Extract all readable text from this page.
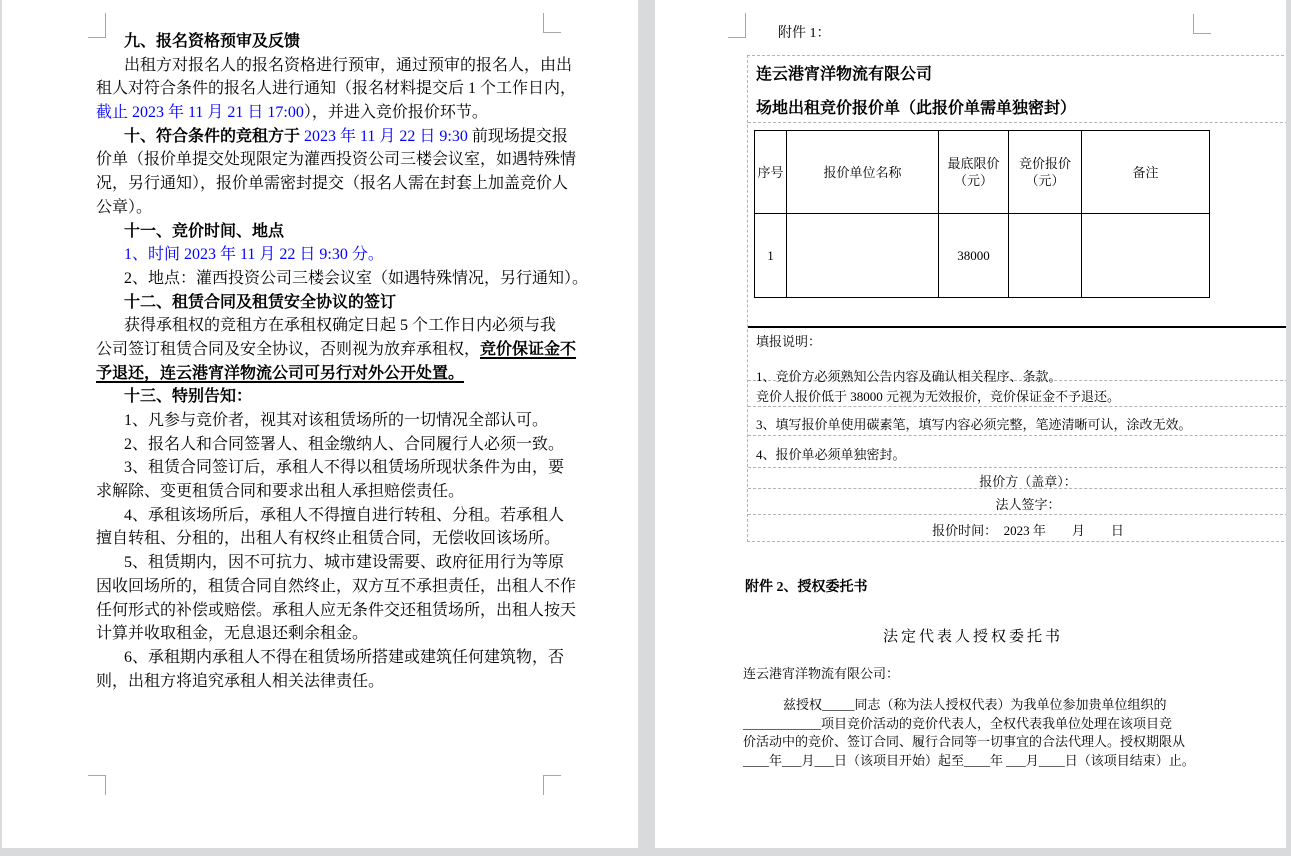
九、报名资格预审及反馈
出租方对报名人的报名资格进行预审，通过预审的报名人，由出
租人对符合条件的报名人进行通知（报名材料提交后 1 个工作日内，
截止 2023 年 11 月 21 日 17:00），并进入竞价报价环节。
十、符合条件的竞租方于 2023 年 11 月 22 日 9:30 前现场提交报
价单（报价单提交处现限定为灌西投资公司三楼会议室，如遇特殊情
况，另行通知），报价单需密封提交（报名人需在封套上加盖竞价人
公章）。
十一、竞价时间、地点
1、时间 2023 年 11 月 22 日 9:30 分。
2、地点：灌西投资公司三楼会议室（如遇特殊情况，另行通知）。
十二、租赁合同及租赁安全协议的签订
获得承租权的竞租方在承租权确定日起 5 个工作日内必须与我
公司签订租赁合同及安全协议，否则视为放弃承租权，竞价保证金不
予退还，连云港宵洋物流公司可另行对外公开处置。
十三、特别告知：
1、凡参与竞价者，视其对该租赁场所的一切情况全部认可。
2、报名人和合同签署人、租金缴纳人、合同履行人必须一致。
3、租赁合同签订后，承租人不得以租赁场所现状条件为由，要
求解除、变更租赁合同和要求出租人承担赔偿责任。
4、承租该场所后，承租人不得擅自进行转租、分租。若承租人
擅自转租、分租的，出租人有权终止租赁合同，无偿收回该场所。
5、租赁期内，因不可抗力、城市建设需要、政府征用行为等原
因收回场所的，租赁合同自然终止，双方互不承担责任，出租人不作
任何形式的补偿或赔偿。承租人应无条件交还租赁场所，出租人按天
计算并收取租金，无息退还剩余租金。
6、承租期内承租人不得在租赁场所搭建或建筑任何建筑物，否
则，出租方将追究承租人相关法律责任。
附件 1：
连云港宵洋物流有限公司
场地出租竞价报价单（此报价单需单独密封）
序号	报价单位名称	最底限价（元）	竞价报价（元）	备注
1		38000		
填报说明：
1、竞价方必须熟知公告内容及确认相关程序、条款。
竞价人报价低于 38000 元视为无效报价，竞价保证金不予退还。
3、填写报价单使用碳素笔，填写内容必须完整，笔迹清晰可认，涂改无效。
4、报价单必须单独密封。
报价方（盖章）：
法人签字：
报价时间：  2023 年        月        日
附件 2、授权委托书
法定代表人授权委托书
连云港宵洋物流有限公司：
兹授权_____同志（称为法人授权代表）为我单位参加贵单位组织的
____________项目竞价活动的竞价代表人，全权代表我单位处理在该项目竞
价活动中的竞价、签订合同、履行合同等一切事宜的合法代理人。授权期限从
____年___月___日（该项目开始）起至____年 ___月____日（该项目结束）止。
